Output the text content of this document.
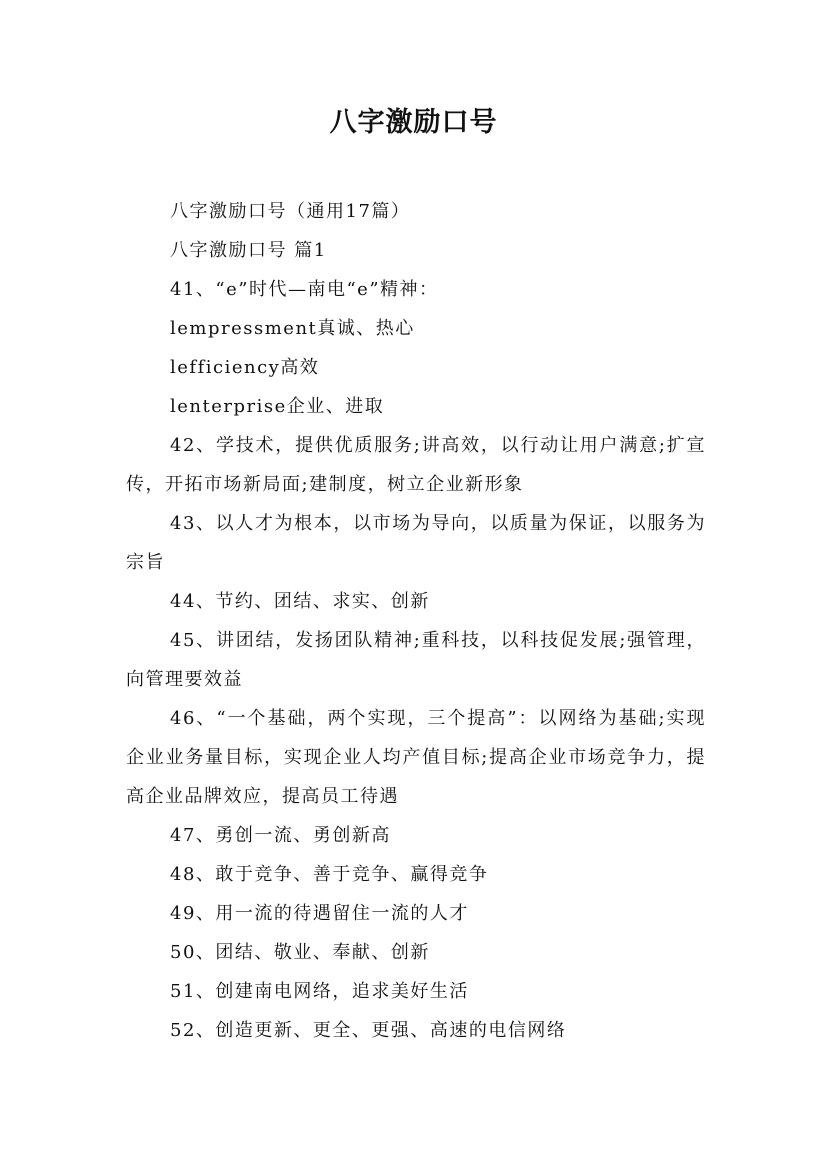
八字激励口号

八字激励口号（通用17篇）

八字激励口号 篇1

41、“e”时代—南电“e”精神：

lempressment真诚、热心

lefficiency高效

lenterprise企业、进取

42、学技术，提供优质服务;讲高效，以行动让用户满意;扩宣传，开拓市场新局面;建制度，树立企业新形象

43、以人才为根本，以市场为导向，以质量为保证，以服务为宗旨

44、节约、团结、求实、创新

45、讲团结，发扬团队精神;重科技，以科技促发展;强管理，向管理要效益

46、“一个基础，两个实现，三个提高”：以网络为基础;实现企业业务量目标，实现企业人均产值目标;提高企业市场竞争力，提高企业品牌效应，提高员工待遇

47、勇创一流、勇创新高

48、敢于竞争、善于竞争、赢得竞争

49、用一流的待遇留住一流的人才

50、团结、敬业、奉献、创新

51、创建南电网络，追求美好生活

52、创造更新、更全、更强、高速的电信网络
